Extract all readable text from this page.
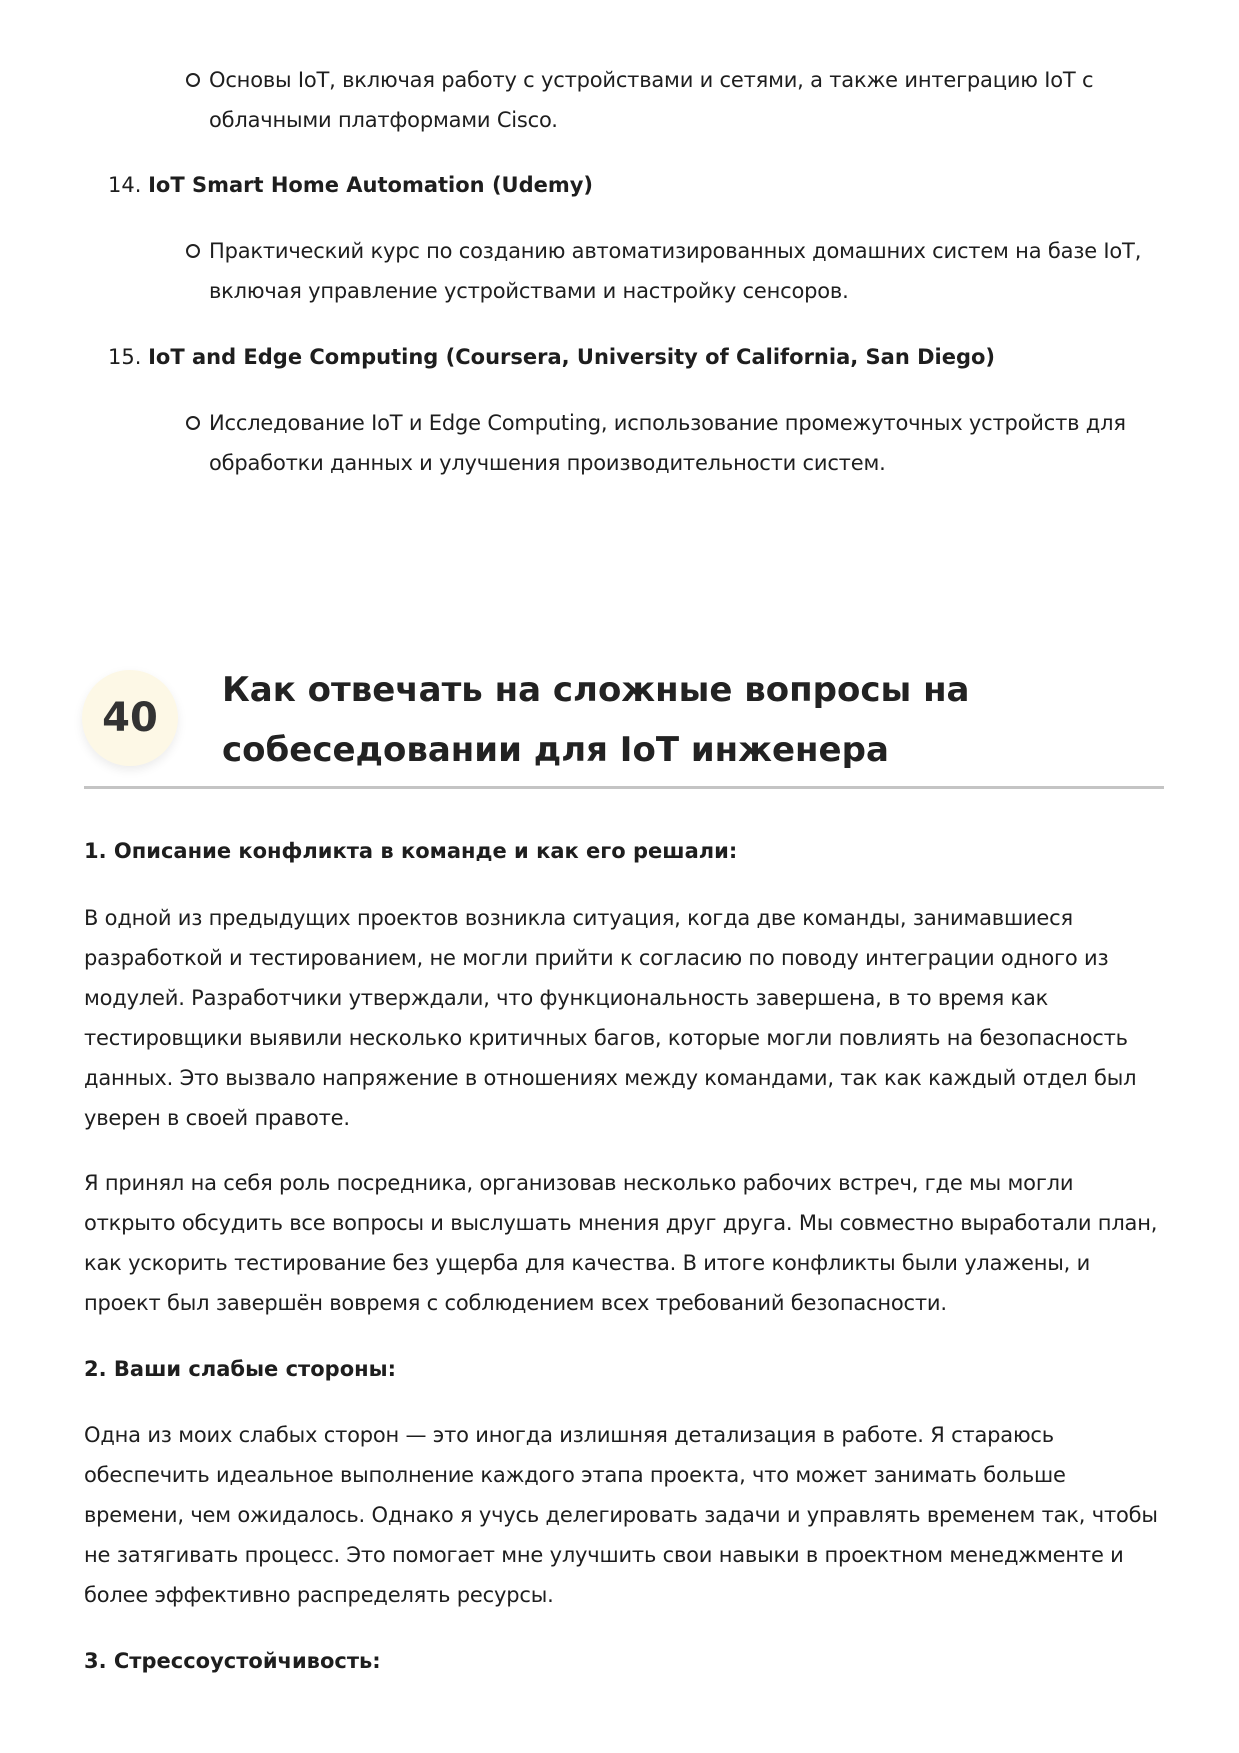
Основы IoT, включая работу с устройствами и сетями, а также интеграцию IoT с облачными платформами Cisco.
14. IoT Smart Home Automation (Udemy)
Практический курс по созданию автоматизированных домашних систем на базе IoT, включая управление устройствами и настройку сенсоров.
15. IoT and Edge Computing (Coursera, University of California, San Diego)
Исследование IoT и Edge Computing, использование промежуточных устройств для обработки данных и улучшения производительности систем.
40
Как отвечать на сложные вопросы на собеседовании для IoT инженера
1. Описание конфликта в команде и как его решали:
В одной из предыдущих проектов возникла ситуация, когда две команды, занимавшиеся разработкой и тестированием, не могли прийти к согласию по поводу интеграции одного из модулей. Разработчики утверждали, что функциональность завершена, в то время как тестировщики выявили несколько критичных багов, которые могли повлиять на безопасность данных. Это вызвало напряжение в отношениях между командами, так как каждый отдел был уверен в своей правоте.
Я принял на себя роль посредника, организовав несколько рабочих встреч, где мы могли открыто обсудить все вопросы и выслушать мнения друг друга. Мы совместно выработали план, как ускорить тестирование без ущерба для качества. В итоге конфликты были улажены, и проект был завершён вовремя с соблюдением всех требований безопасности.
2. Ваши слабые стороны:
Одна из моих слабых сторон — это иногда излишняя детализация в работе. Я стараюсь обеспечить идеальное выполнение каждого этапа проекта, что может занимать больше времени, чем ожидалось. Однако я учусь делегировать задачи и управлять временем так, чтобы не затягивать процесс. Это помогает мне улучшить свои навыки в проектном менеджменте и более эффективно распределять ресурсы.
3. Стрессоустойчивость:
